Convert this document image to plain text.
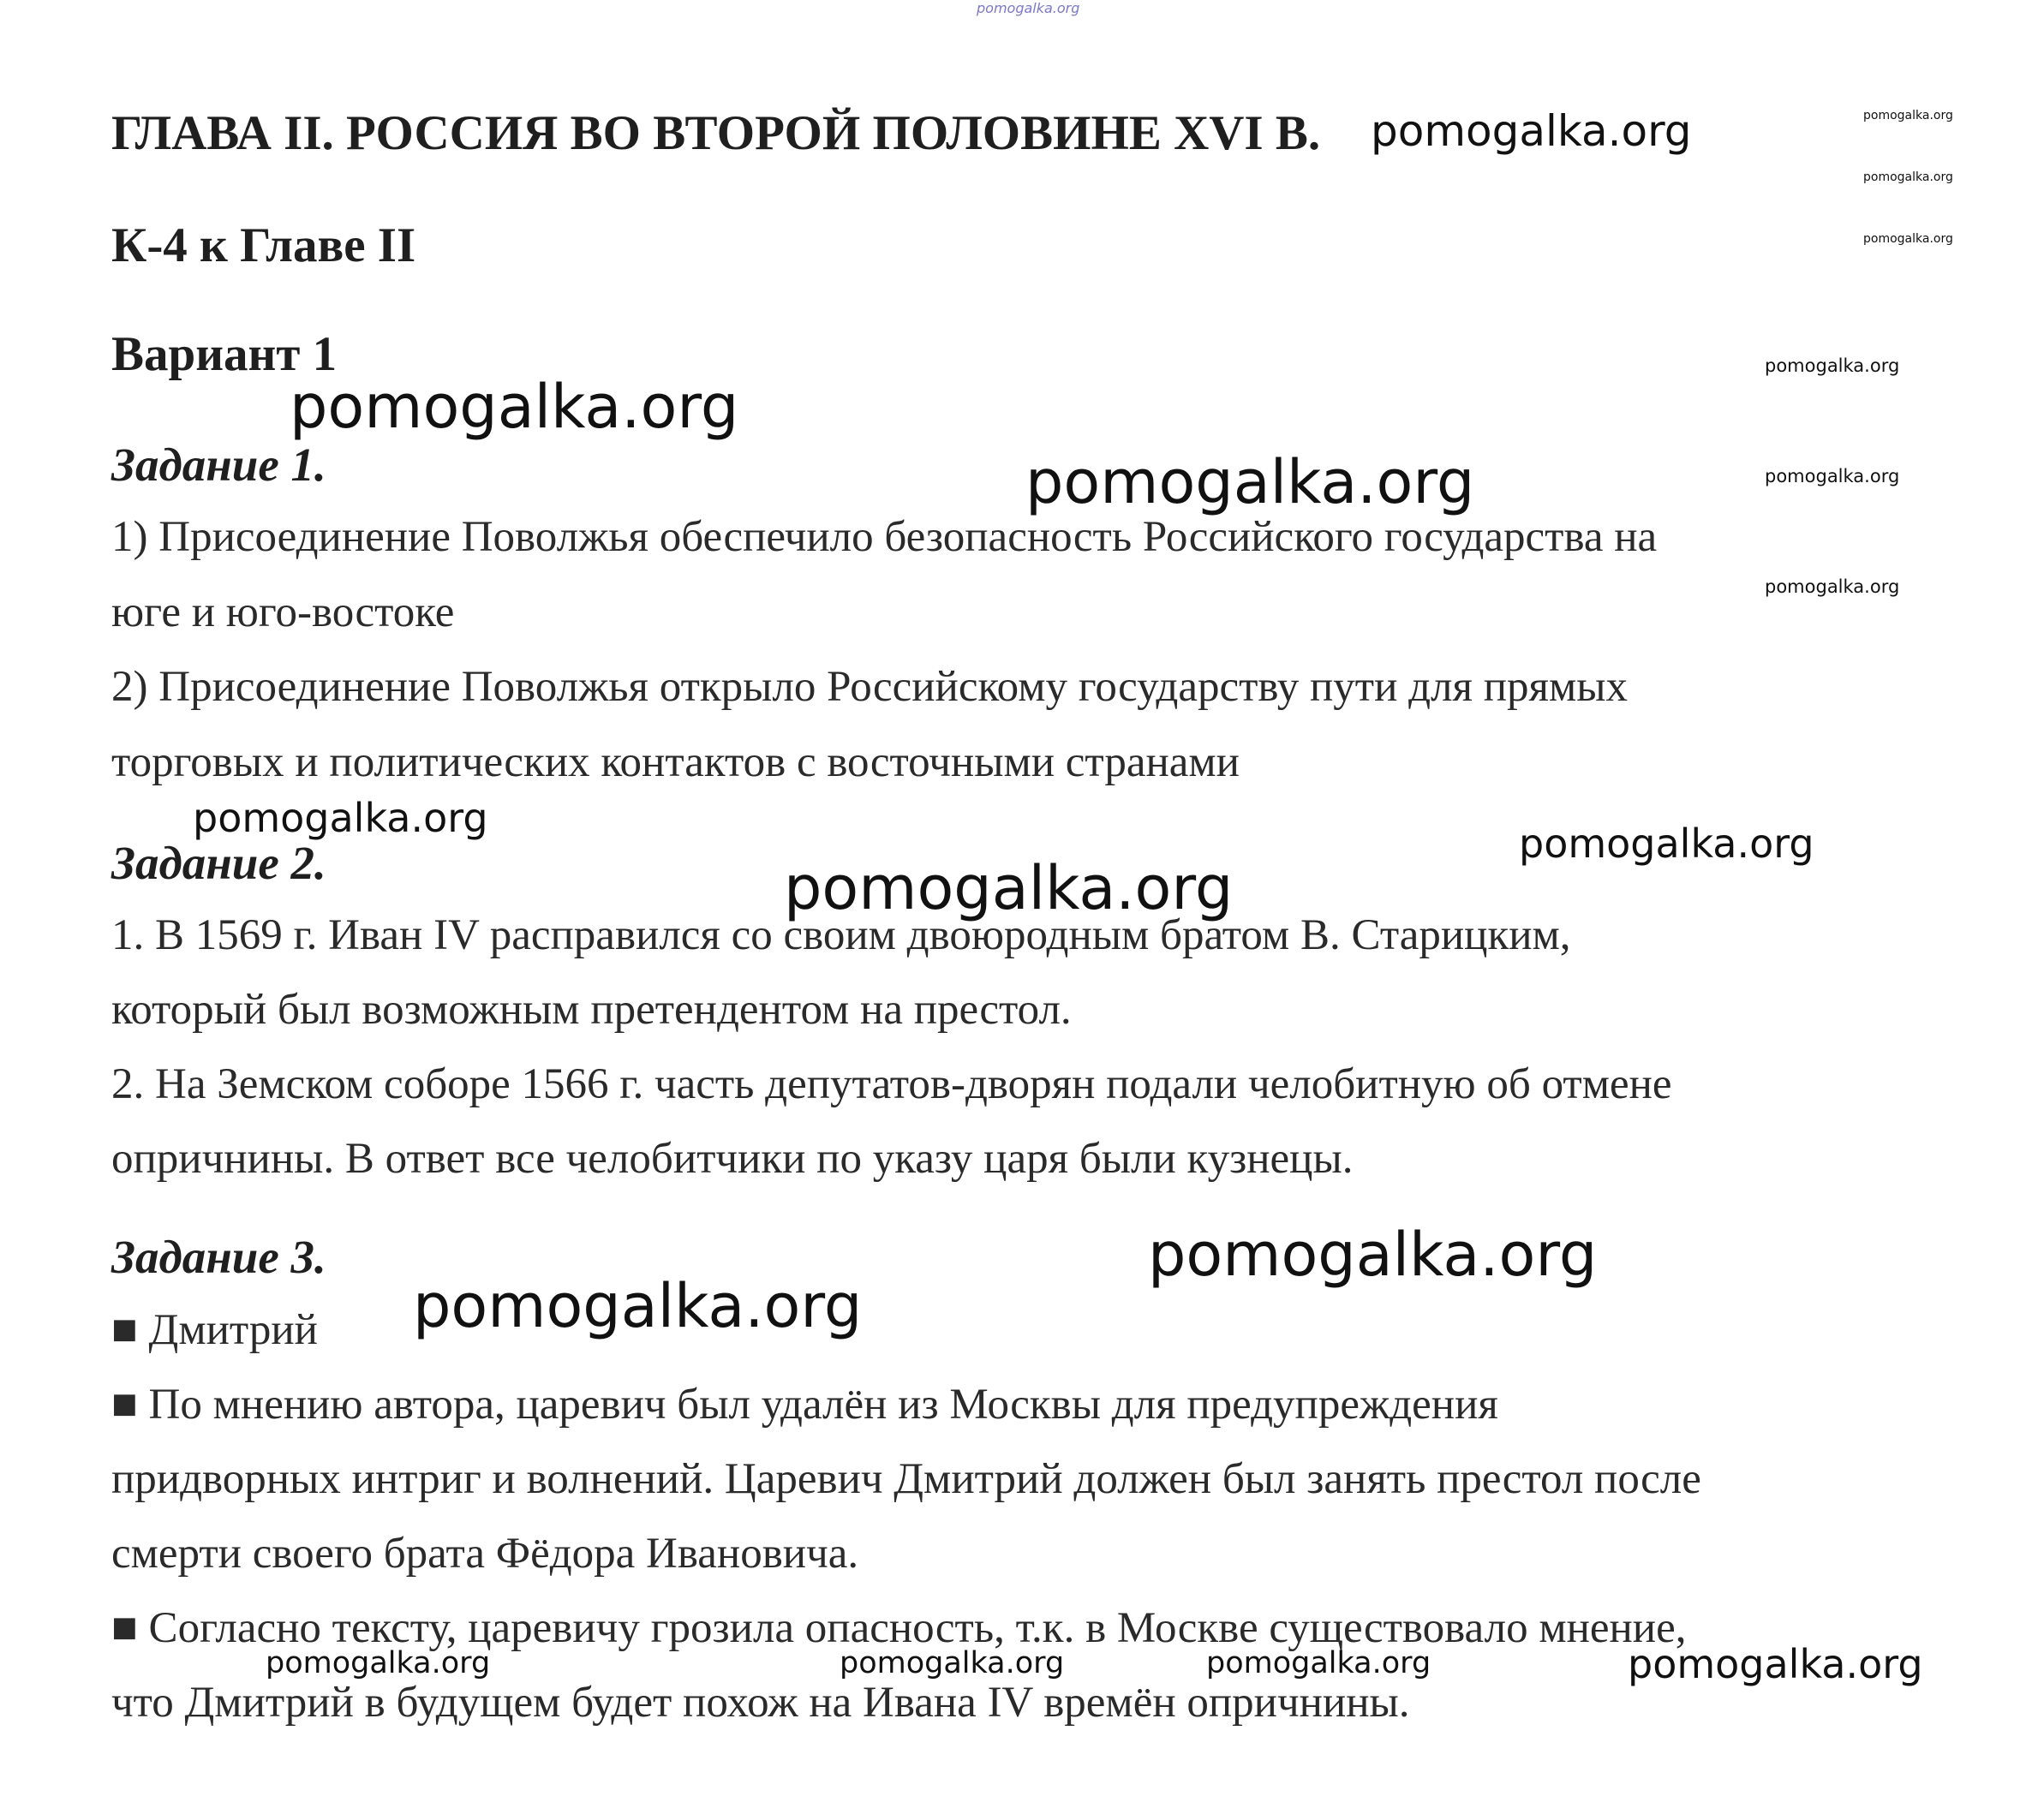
pomogalka.org
ГЛАВА II. РОССИЯ ВО ВТОРОЙ ПОЛОВИНЕ XVI В. pomogalka.org
К-4 к Главе II
Вариант 1
pomogalka.org
pomogalka.org
pomogalka.org
pomogalka.org
pomogalka.org
pomogalka.org
pomogalka.org
Задание 1.	pomogalka.org
1) Присоединение Поволжья обеспечило безопасность Российского государства на
юге и юго-востоке
2) Присоединение Поволжья открыло Российскому государству пути для прямых
торговых и политических контактов с восточными странами
pomogalka.org
pomogalka.org
Задание 2.	pomogalka.org
1. В 1569 г. Иван IV расправился со своим двоюродным братом В. Старицким,
который был возможным претендентом на престол.
2. На Земском соборе 1566 г. часть депутатов-дворян подали челобитную об отмене
опричнины. В ответ все челобитчики по указу царя были кузнецы.
Задание 3.	pomogalka.org
pomogalka.org
■ Дмитрий
■ По мнению автора, царевич был удалён из Москвы для предупреждения
придворных интриг и волнений. Царевич Дмитрий должен был занять престол после
смерти своего брата Фёдора Ивановича.
■ Согласно тексту, царевичу грозила опасность, т.к. в Москве существовало мнение,
что Дмитрий в будущем будет похож на Ивана IV времён опричнины.
pomogalka.org	pomogalka.org	pomogalka.org	pomogalka.org
